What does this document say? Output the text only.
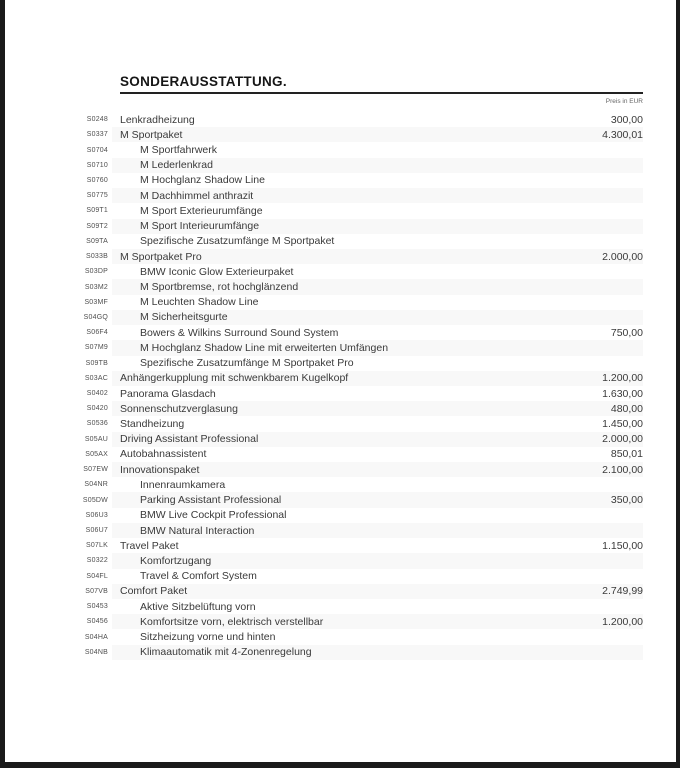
SONDERAUSSTATTUNG.
Preis in EUR
S0248 Lenkradheizung	300,00
S0337 M Sportpaket	4.300,01
S0704	M Sportfahrwerk
S0710	M Lederlenkrad
S0760	M Hochglanz Shadow Line
S0775	M Dachhimmel anthrazit
S09T1	M Sport Exterieurumfänge
S09T2	M Sport Interieurumfänge
S09TA	Spezifische Zusatzumfänge M Sportpaket
S033B M Sportpaket Pro	2.000,00
S03DP	BMW Iconic Glow Exterieurpaket
S03M2	M Sportbremse, rot hochglänzend
S03MF	M Leuchten Shadow Line
S04GQ	M Sicherheitsgurte
S06F4	Bowers & Wilkins Surround Sound System	750,00
S07M9	M Hochglanz Shadow Line mit erweiterten Umfängen
S09TB	Spezifische Zusatzumfänge M Sportpaket Pro
S03AC Anhängerkupplung mit schwenkbarem Kugelkopf	1.200,00
S0402 Panorama Glasdach	1.630,00
S0420 Sonnenschutzverglasung	480,00
S0536 Standheizung	1.450,00
S05AU Driving Assistant Professional	2.000,00
S05AX Autobahnassistent	850,01
S07EW Innovationspaket	2.100,00
S04NR	Innenraumkamera
S05DW	Parking Assistant Professional	350,00
S06U3	BMW Live Cockpit Professional
S06U7	BMW Natural Interaction
S07LK Travel Paket	1.150,00
S0322	Komfortzugang
S04FL	Travel & Comfort System
S07VB Comfort Paket	2.749,99
S0453	Aktive Sitzbelüftung vorn
S0456	Komfortsitze vorn, elektrisch verstellbar	1.200,00
S04HA	Sitzheizung vorne und hinten
S04NB	Klimaautomatik mit 4-Zonenregelung
